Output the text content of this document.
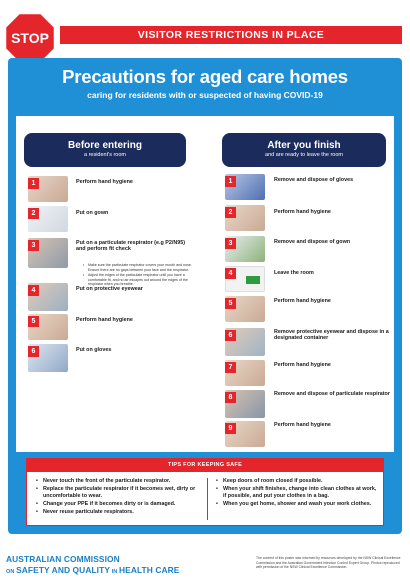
VISITOR RESTRICTIONS IN PLACE
STOP
Precautions for aged care homes
caring for residents with or suspected of having COVID-19
Before entering
a resident's room
After you finish
and are ready to leave the room
1	Perform hand hygiene
2	Put on gown
3	Put on a particulate respirator (e.g P2/N95) and perform fit check
• Make sure the particulate respirator covers your mouth and nose. Ensure there are no gaps between your face and the respirator.
• Adjust the edges of the particulate respirator until you have a comfortable fit, and no air escapes out around the edges of the respirator when you breathe.
4	Put on protective eyewear
5	Perform hand hygiene
6	Put on gloves
1	Remove and dispose of gloves
2	Perform hand hygiene
3	Remove and dispose of gown
4	Leave the room
5	Perform hand hygiene
6	Remove protective eyewear and dispose in a designated container
7	Perform hand hygiene
8	Remove and dispose of particulate respirator
9	Perform hand hygiene
TIPS FOR KEEPING SAFE
• Never touch the front of the particulate respirator.
• Replace the particulate respirator if it becomes wet, dirty or uncomfortable to wear.
• Change your PPE if it becomes dirty or is damaged.
• Never reuse particulate respirators.
• Keep doors of room closed if possible.
• When your shift finishes, change into clean clothes at work, if possible, and put your clothes in a bag.
• When you get home, shower and wash your work clothes.
AUSTRALIAN COMMISSION
ON SAFETY AND QUALITY IN HEALTH CARE
The content of this poster was informed by resources developed by the NSW Clinical Excellence Commission and the Australian Government Infection Control Expert Group. Photos reproduced with permission of the NSW Clinical Excellence Commission.
